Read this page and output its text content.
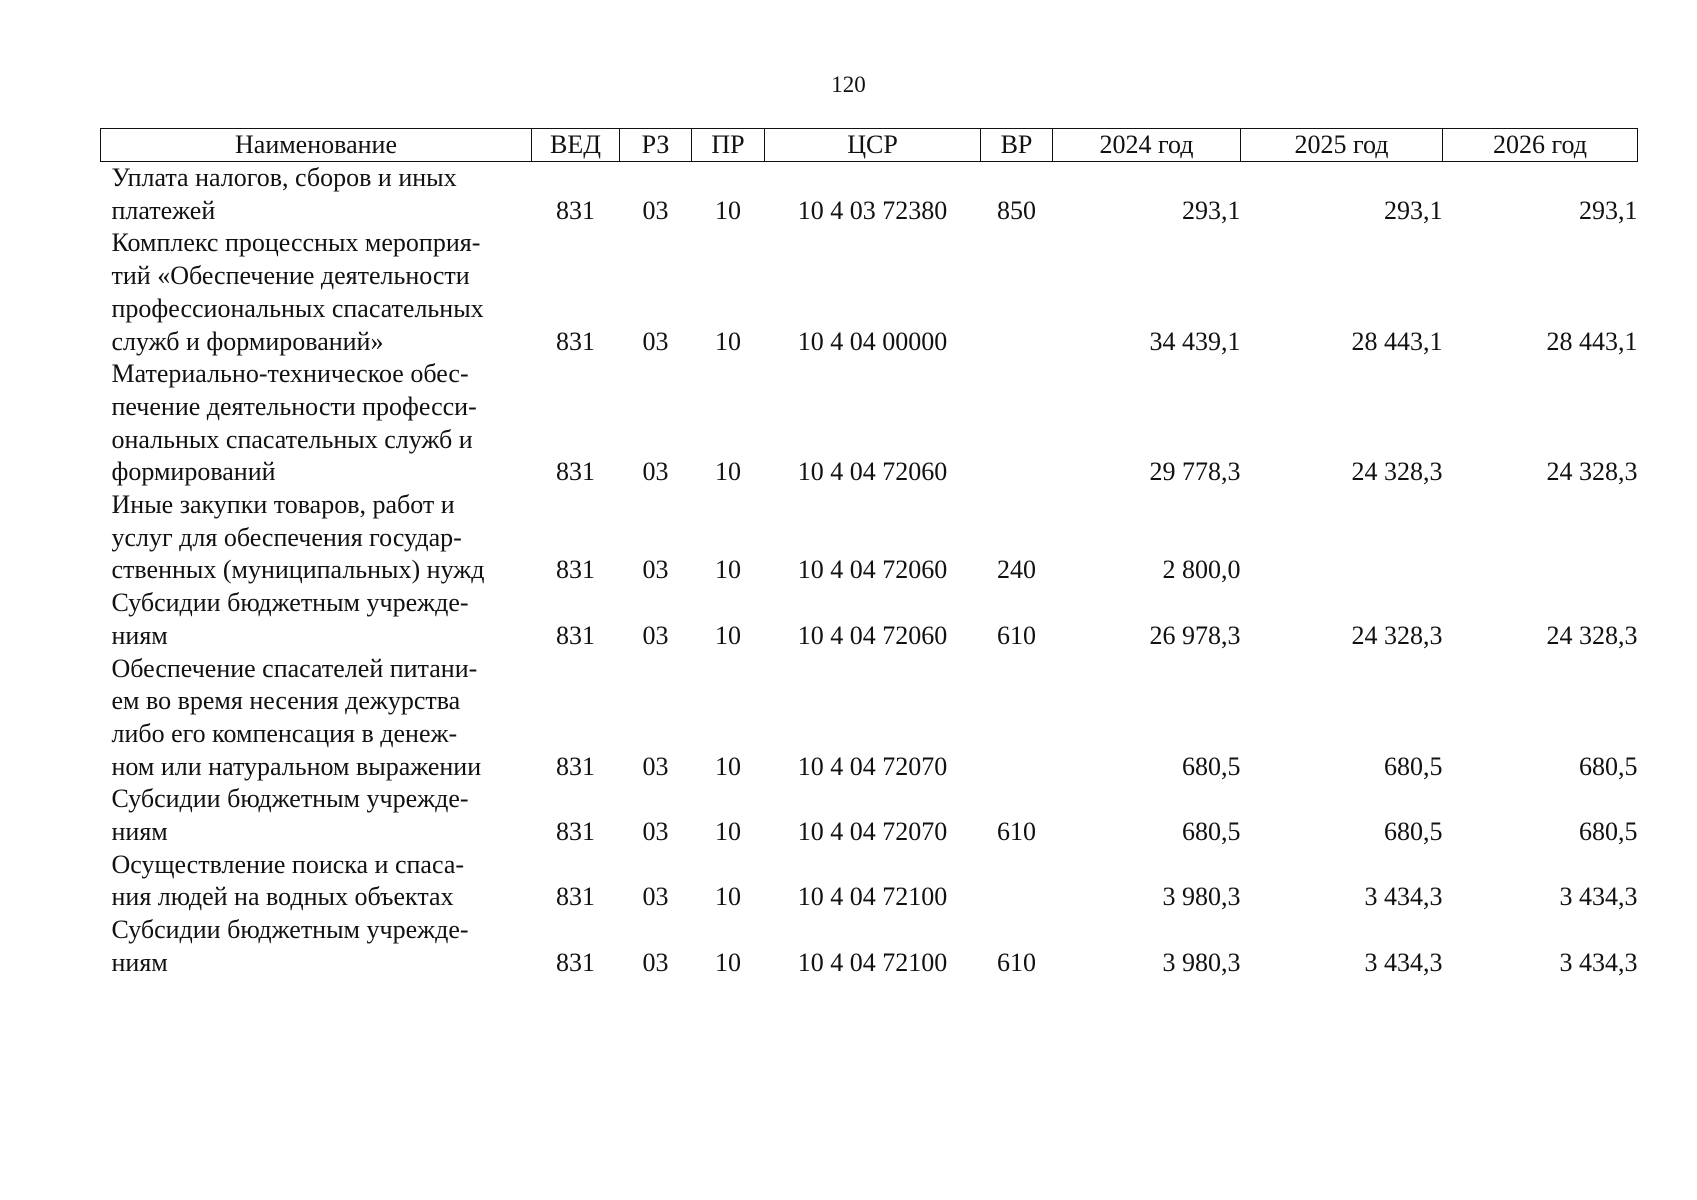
120
Наименование	ВЕД	РЗ	ПР	ЦСР	ВР	2024 год	2025 год	2026 год

Уплата налогов, сборов и иных
платежей	831	03	10	10 4 03 72380	850	293,1	293,1	293,1

Комплекс процессных мероприя-
тий «Обеспечение деятельности
профессиональных спасательных
служб и формирований»	831	03	10	10 4 04 00000		34 439,1	28 443,1	28 443,1

Материально-техническое обес-
печение деятельности професси-
ональных спасательных служб и
формирований	831	03	10	10 4 04 72060		29 778,3	24 328,3	24 328,3

Иные закупки товаров, работ и
услуг для обеспечения государ-
ственных (муниципальных) нужд	831	03	10	10 4 04 72060	240	2 800,0		

Субсидии бюджетным учрежде-
ниям	831	03	10	10 4 04 72060	610	26 978,3	24 328,3	24 328,3

Обеспечение спасателей питани-
ем во время несения дежурства
либо его компенсация в денеж-
ном или натуральном выражении	831	03	10	10 4 04 72070		680,5	680,5	680,5

Субсидии бюджетным учрежде-
ниям	831	03	10	10 4 04 72070	610	680,5	680,5	680,5

Осуществление поиска и спаса-
ния людей на водных объектах	831	03	10	10 4 04 72100		3 980,3	3 434,3	3 434,3

Субсидии бюджетным учрежде-
ниям	831	03	10	10 4 04 72100	610	3 980,3	3 434,3	3 434,3
